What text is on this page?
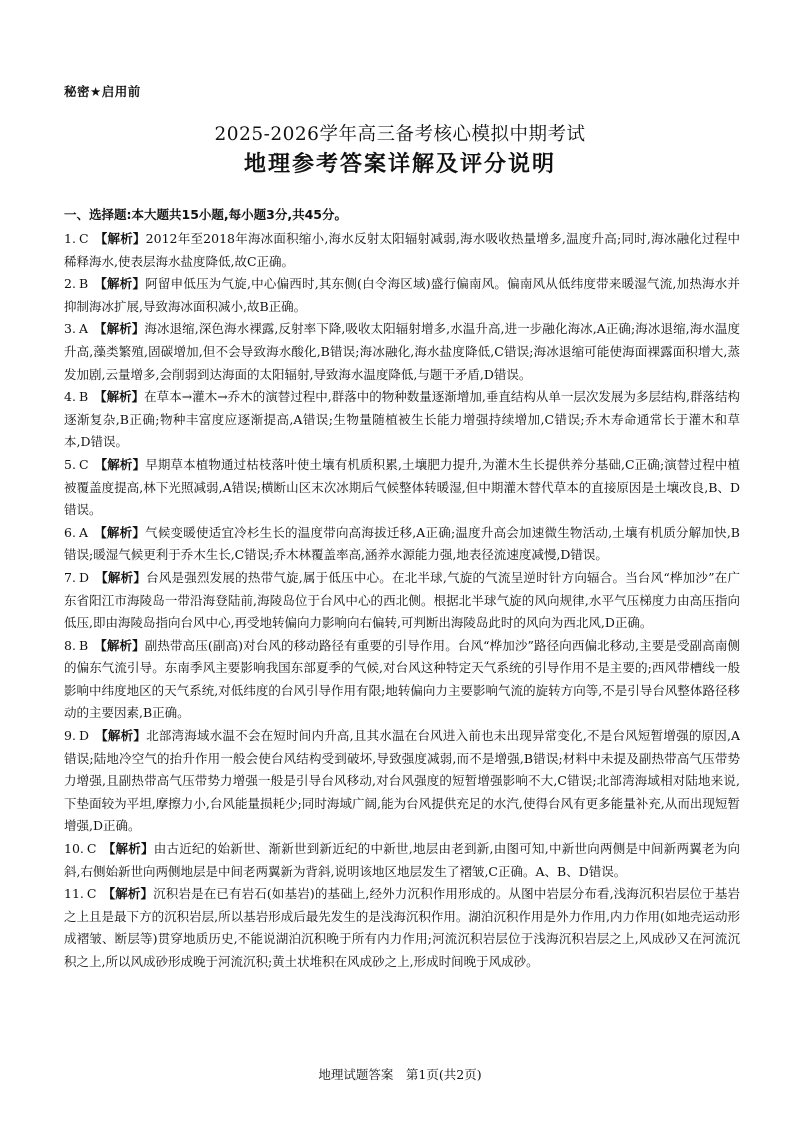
秘密★启用前
2025-2026学年高三备考核心模拟中期考试
地理参考答案详解及评分说明
一、选择题:本大题共15小题,每小题3分,共45分。
1. C 【解析】2012年至2018年海冰面积缩小,海水反射太阳辐射减弱,海水吸收热量增多,温度升高;同时,海冰融化过程中稀释海水,使表层海水盐度降低,故C正确。
2. B 【解析】阿留申低压为气旋,中心偏西时,其东侧(白令海区域)盛行偏南风。偏南风从低纬度带来暖湿气流,加热海水并抑制海冰扩展,导致海冰面积减小,故B正确。
3. A 【解析】海冰退缩,深色海水裸露,反射率下降,吸收太阳辐射增多,水温升高,进一步融化海冰,A正确;海冰退缩,海水温度升高,藻类繁殖,固碳增加,但不会导致海水酸化,B错误;海冰融化,海水盐度降低,C错误;海冰退缩可能使海面裸露面积增大,蒸发加剧,云量增多,会削弱到达海面的太阳辐射,导致海水温度降低,与题干矛盾,D错误。
4. B 【解析】在草本→灌木→乔木的演替过程中,群落中的物种数量逐渐增加,垂直结构从单一层次发展为多层结构,群落结构逐渐复杂,B正确;物种丰富度应逐渐提高,A错误;生物量随植被生长能力增强持续增加,C错误;乔木寿命通常长于灌木和草本,D错误。
5. C 【解析】早期草本植物通过枯枝落叶使土壤有机质积累,土壤肥力提升,为灌木生长提供养分基础,C正确;演替过程中植被覆盖度提高,林下光照减弱,A错误;横断山区末次冰期后气候整体转暖湿,但中期灌木替代草本的直接原因是土壤改良,B、D错误。
6. A 【解析】气候变暖使适宜冷杉生长的温度带向高海拔迁移,A正确;温度升高会加速微生物活动,土壤有机质分解加快,B错误;暖湿气候更利于乔木生长,C错误;乔木林覆盖率高,涵养水源能力强,地表径流速度减慢,D错误。
7. D 【解析】台风是强烈发展的热带气旋,属于低压中心。在北半球,气旋的气流呈逆时针方向辐合。当台风“桦加沙”在广东省阳江市海陵岛一带沿海登陆前,海陵岛位于台风中心的西北侧。根据北半球气旋的风向规律,水平气压梯度力由高压指向低压,即由海陵岛指向台风中心,再受地转偏向力影响向右偏转,可判断出海陵岛此时的风向为西北风,D正确。
8. B 【解析】副热带高压(副高)对台风的移动路径有重要的引导作用。台风“桦加沙”路径向西偏北移动,主要是受副高南侧的偏东气流引导。东南季风主要影响我国东部夏季的气候,对台风这种特定天气系统的引导作用不是主要的;西风带槽线一般影响中纬度地区的天气系统,对低纬度的台风引导作用有限;地转偏向力主要影响气流的旋转方向等,不是引导台风整体路径移动的主要因素,B正确。
9. D 【解析】北部湾海域水温不会在短时间内升高,且其水温在台风进入前也未出现异常变化,不是台风短暂增强的原因,A错误;陆地冷空气的抬升作用一般会使台风结构受到破坏,导致强度减弱,而不是增强,B错误;材料中未提及副热带高气压带势力增强,且副热带高气压带势力增强一般是引导台风移动,对台风强度的短暂增强影响不大,C错误;北部湾海域相对陆地来说,下垫面较为平坦,摩擦力小,台风能量损耗少;同时海域广阔,能为台风提供充足的水汽,使得台风有更多能量补充,从而出现短暂增强,D正确。
10. C 【解析】由古近纪的始新世、渐新世到新近纪的中新世,地层由老到新,由图可知,中新世向两侧是中间新两翼老为向斜,右侧始新世向两侧地层是中间老两翼新为背斜,说明该地区地层发生了褶皱,C正确。A、B、D错误。
11. C 【解析】沉积岩是在已有岩石(如基岩)的基础上,经外力沉积作用形成的。从图中岩层分布看,浅海沉积岩层位于基岩之上且是最下方的沉积岩层,所以基岩形成后最先发生的是浅海沉积作用。湖泊沉积作用是外力作用,内力作用(如地壳运动形成褶皱、断层等)贯穿地质历史,不能说湖泊沉积晚于所有内力作用;河流沉积岩层位于浅海沉积岩层之上,风成砂又在河流沉积之上,所以风成砂形成晚于河流沉积;黄土状堆积在风成砂之上,形成时间晚于风成砂。
地理试题答案　第1页(共2页)
